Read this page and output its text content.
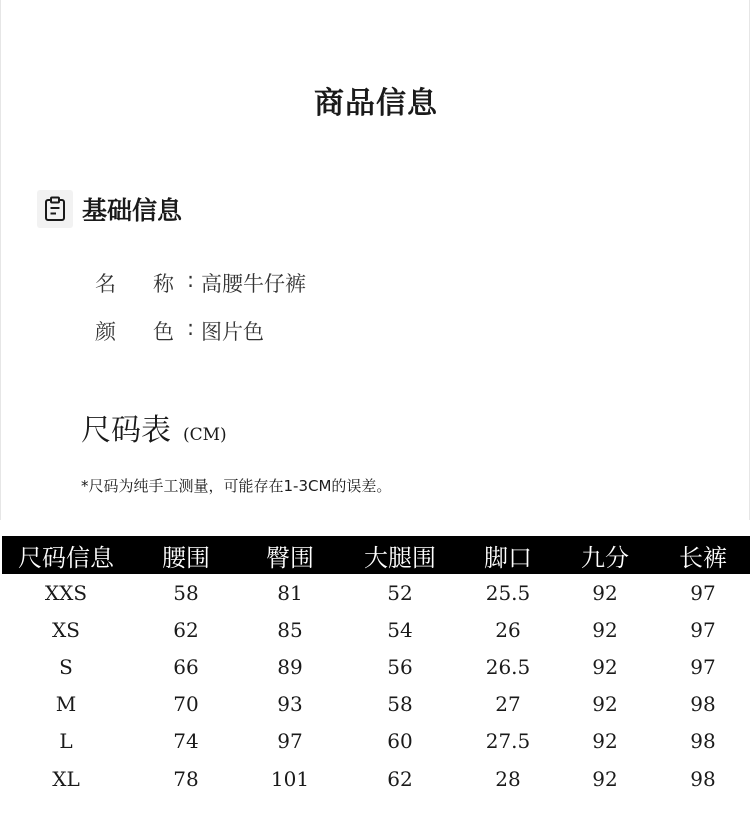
商品信息
基础信息
名	称 : 高腰牛仔裤
颜	色 : 图片色
尺码表 (CM)
*尺码为纯手工测量，可能存在1-3CM的误差。
尺码信息	腰围	臀围	大腿围	脚口	九分	长裤
XXS	58	81	52	25.5	92	97
XS	62	85	54	26	92	97
S	66	89	56	26.5	92	97
M	70	93	58	27	92	98
L	74	97	60	27.5	92	98
XL	78	101	62	28	92	98
